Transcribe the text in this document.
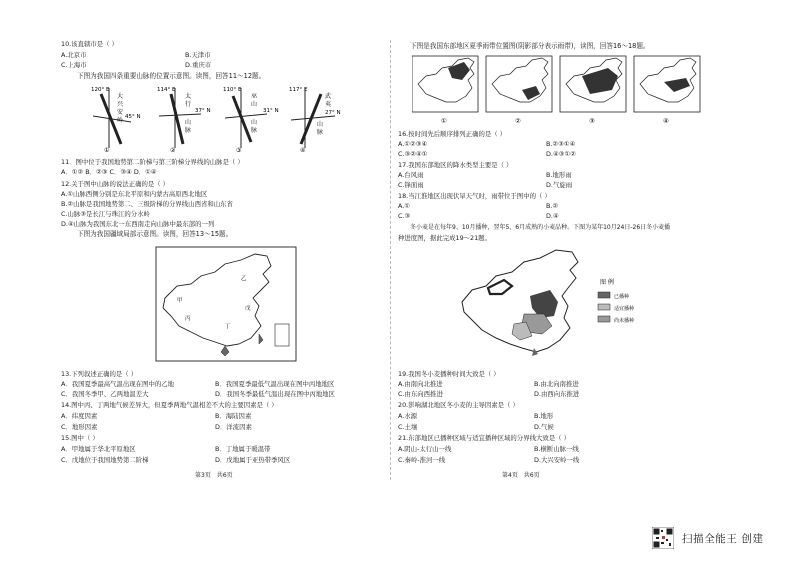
10.该直辖市是（ ）
A.北京市	B.天津市
C.上海市	D.重庆市
下图为我国四条重要山脉的位置示意图。读图，回答11～12题。
120° E
大
兴
安
岭 45° N
①
114° E
太
行
山
脉
37° N
②
110° E
巫
山
山
脉
31° N
③
117° E
武
夷
山
脉
27° N
④
11．图中位于我国地势第二阶梯与第三阶梯分界线的山脉是（ ）
A．①② B．②③ C．③④ D．①④
12.关于图中山脉的说法正确的是（ ）
A.①山脉西侧分别是东北平原和内蒙古高原西北地区
B.②山脉是我国地势第二、三级阶梯的分界线山西省和山东省
C.山脉③是长江与珠江的分水岭
D.④山脉为我国东北一东西南走向山脉中最东部的一列
下图为我国疆域局部示意图。读图，回答13～15题。
甲
乙
丙
丁
戊
13.下列叙述正确的是（ ）
A．我国夏季最高气温出现在图中的乙地	B．我国夏季最低气温出现在图中丙地地区
C．我国冬季甲、乙两地温差大	D．我国冬季最低气温出现在图中丙地地区
14.图中丙、丁两地气候差异大，但夏季两地气温相差不大的主要因素是（ ）
A．纬度因素	B．海陆因素
C．地形因素	D．洋流因素
15.图中（ ）
A．甲地属于华北平原地区	B．丁地属于暖温带
C．戊地位于我国地势第二阶梯	D．戊地属于亚热带季风区
第3页　共6页
下图是我国东部地区夏季雨带位置图(阴影部分表示雨带)，读图，回答16～18题。
①	②	③	④
16.按时间先后顺序排列正确的是（ ）
A.①②③④	B.②③①④
C.③②④①	D.④③①②
17.我国东部地区的降水类型主要是（ ）
A.台风雨	B.地形雨
C.锋面雨	D.气旋雨
18.当江淮地区出现伏旱天气时，雨带位于图中的（ ）
A.①	B.②
C.③	D.④
冬小麦是在每年9、10月播种，翌年5、6月成熟的小麦品种。下图为某年10月24日-26日冬小麦播
种进度图，据此完成19～21题。
图 例
已播种
适宜播种
尚未播种
19.我国冬小麦播种时间大致是（ ）
A.由南向北推进	B.由北向南推进
C.由东向西推进	D.由西向东推进
20.影响湖北地区冬小麦的主导因素是（ ）
A.水源	B.地形
C.土壤	D.气候
21.东部地区已播种区域与适宜播种区域的分界线大致是（ ）
A.阴山-太行山一线	B.横断山脉一线
C.秦岭-淮河一线	D.大兴安岭一线
第4页　共6页
扫描全能王 创建
